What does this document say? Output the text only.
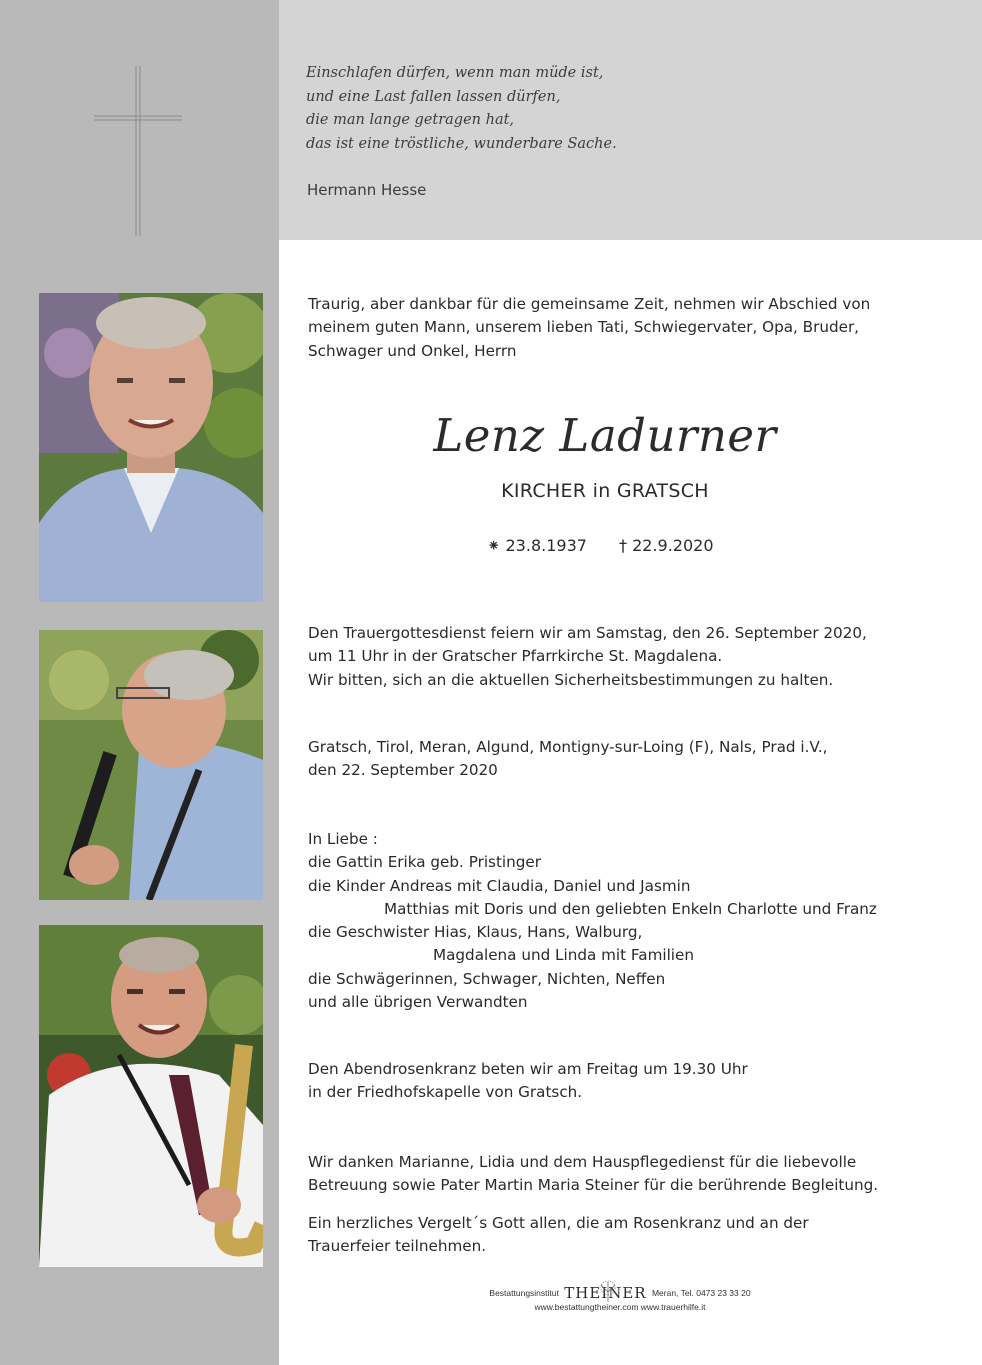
Einschlafen dürfen, wenn man müde ist,
und eine Last fallen lassen dürfen,
die man lange getragen hat,
das ist eine tröstliche, wunderbare Sache.
Hermann Hesse
Traurig, aber dankbar für die gemeinsame Zeit, nehmen wir Abschied von
meinem guten Mann, unserem lieben Tati, Schwiegervater, Opa, Bruder,
Schwager und Onkel, Herrn
Lenz Ladurner
KIRCHER in GRATSCH
⁕ 23.8.1937 † 22.9.2020
Den Trauergottesdienst feiern wir am Samstag, den 26. September 2020,
um 11 Uhr in der Gratscher Pfarrkirche St. Magdalena.
Wir bitten, sich an die aktuellen Sicherheitsbestimmungen zu halten.
Gratsch, Tirol, Meran, Algund, Montigny-sur-Loing (F), Nals, Prad i.V.,
den 22. September 2020
In Liebe :
die Gattin Erika geb. Pristinger
die Kinder Andreas mit Claudia, Daniel und Jasmin
Matthias mit Doris und den geliebten Enkeln Charlotte und Franz
die Geschwister Hias, Klaus, Hans, Walburg,
Magdalena und Linda mit Familien
die Schwägerinnen, Schwager, Nichten, Neffen
und alle übrigen Verwandten
Den Abendrosenkranz beten wir am Freitag um 19.30 Uhr
in der Friedhofskapelle von Gratsch.
Wir danken Marianne, Lidia und dem Hauspflegedienst für die liebevolle
Betreuung sowie Pater Martin Maria Steiner für die berührende Begleitung.
Ein herzliches Vergelt´s Gott allen, die am Rosenkranz und an der
Trauerfeier teilnehmen.
Bestattungsinstitut THEINER Meran, Tel. 0473 23 33 20
www.bestattungtheiner.com www.trauerhilfe.it
